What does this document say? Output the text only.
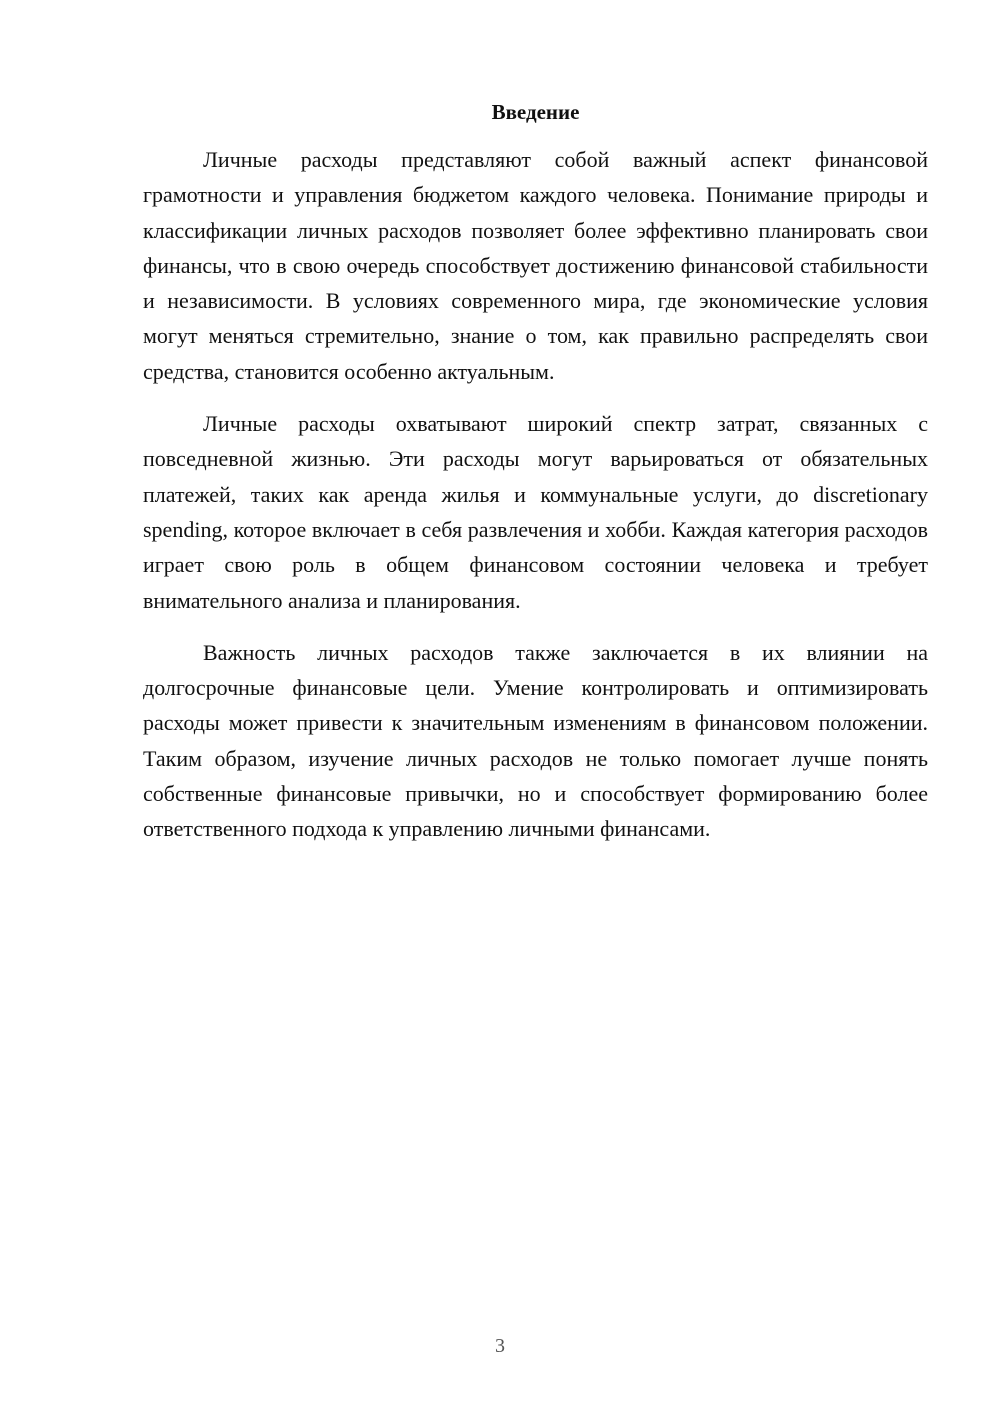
Введение

Личные расходы представляют собой важный аспект финансовой грамотности и управления бюджетом каждого человека. Понимание природы и классификации личных расходов позволяет более эффективно планировать свои финансы, что в свою очередь способствует достижению финансовой стабильности и независимости. В условиях современного мира, где экономические условия могут меняться стремительно, знание о том, как правильно распределять свои средства, становится особенно актуальным.

Личные расходы охватывают широкий спектр затрат, связанных с повседневной жизнью. Эти расходы могут варьироваться от обязательных платежей, таких как аренда жилья и коммунальные услуги, до discretionary spending, которое включает в себя развлечения и хобби. Каждая категория расходов играет свою роль в общем финансовом состоянии человека и требует внимательного анализа и планирования.

Важность личных расходов также заключается в их влиянии на долгосрочные финансовые цели. Умение контролировать и оптимизировать расходы может привести к значительным изменениям в финансовом положении. Таким образом, изучение личных расходов не только помогает лучше понять собственные финансовые привычки, но и способствует формированию более ответственного подхода к управлению личными финансами.

3
